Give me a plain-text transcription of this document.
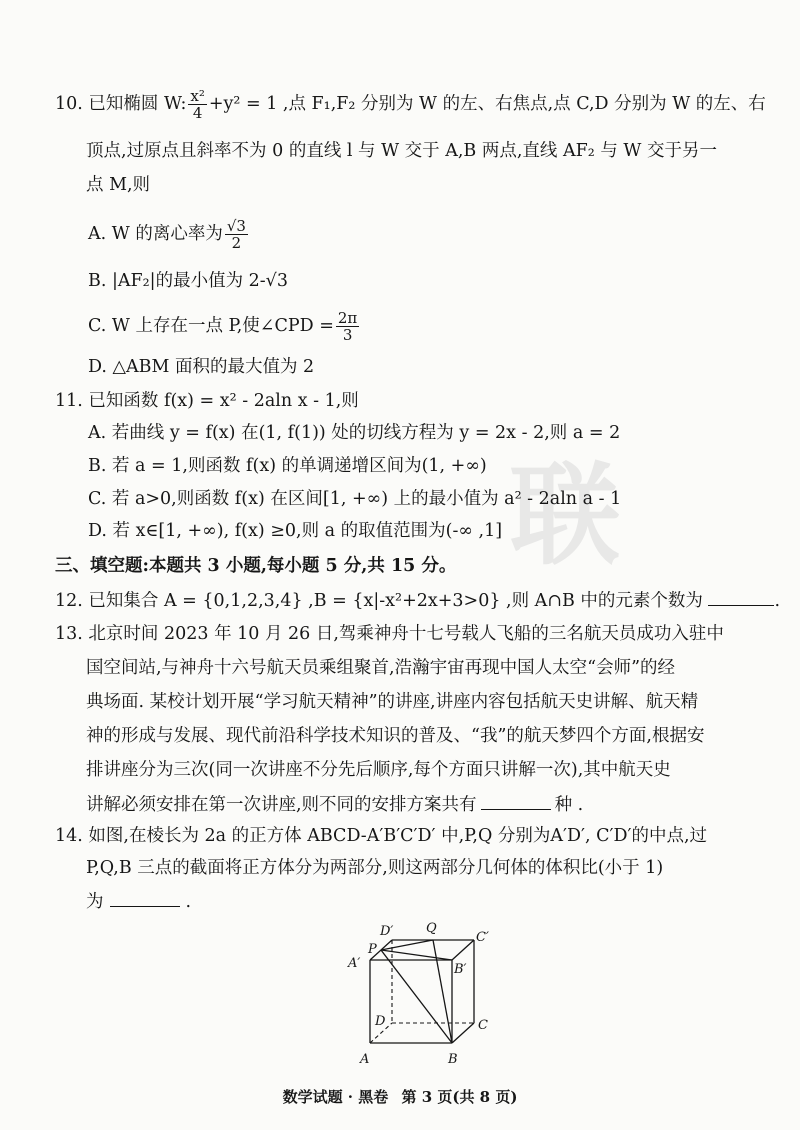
联
10. 已知椭圆 W: $\frac{\text{x²}}{4} +y^2 = 1$ ,点 F₁,F₂ 分别为 W 的左、右焦点,点 C,D 分别为 W 的左、右
顶点,过原点且斜率不为 0 的直线 l 与 W 交于 A,B 两点,直线 AF₂ 与 W 交于另一
点 M,则
A. W 的离心率为 $\frac{√3}{2}$
B. |AF₂|的最小值为 2-√3
C. W 上存在一点 P,使∠CPD = $\frac{2\pi}{3}$
D. △ABM 面积的最大值为 2
11. 已知函数 f(x) = x² - 2aln x - 1,则
A. 若曲线 y = f(x) 在(1, f(1)) 处的切线方程为 y = 2x - 2,则 a = 2
B. 若 a = 1,则函数 f(x) 的单调递增区间为(1, +∞)
C. 若 a>0,则函数 f(x) 在区间[1, +∞) 上的最小值为 a² - 2aln a - 1
D. 若 x∈[1, +∞), f(x) ≥0,则 a 的取值范围为(-∞ ,1]
三、填空题:本题共 3 小题,每小题 5 分,共 15 分。
12. 已知集合 A = {0,1,2,3,4} ,B = {x|-x²+2x+3>0} ,则 A∩B 中的元素个数为	.
13. 北京时间 2023 年 10 月 26 日,驾乘神舟十七号载人飞船的三名航天员成功入驻中
国空间站,与神舟十六号航天员乘组聚首,浩瀚宇宙再现中国人太空“会师”的经
典场面. 某校计划开展“学习航天精神”的讲座,讲座内容包括航天史讲解、航天精
神的形成与发展、现代前沿科学技术知识的普及、“我”的航天梦四个方面,根据安
排讲座分为三次(同一次讲座不分先后顺序,每个方面只讲解一次),其中航天史
讲解必须安排在第一次讲座,则不同的安排方案共有	种 .
14. 如图,在棱长为 2a 的正方体 ABCD-A′B′C′D′ 中,P,Q 分别为A′D′, C′D′的中点,过
P,Q,B 三点的截面将正方体分为两部分,则这两部分几何体的体积比(小于 1)
为	.
A	B
C
D
A′	B′
C′
D′
P
Q
数学试题 · 黑卷 第 3 页(共 8 页)
